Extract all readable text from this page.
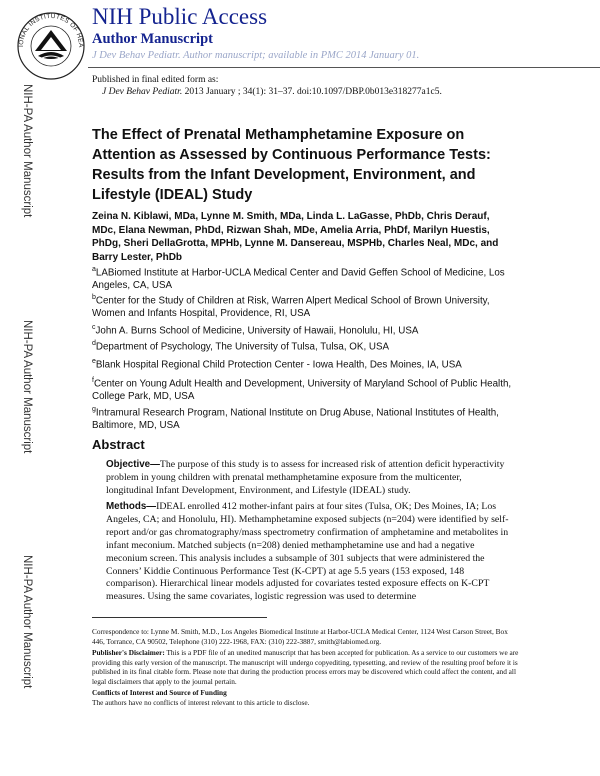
IONAL INSTITUTES OF HEA
NIH Public Access
Author Manuscript
J Dev Behav Pediatr. Author manuscript; available in PMC 2014 January 01.
Published in final edited form as:
J Dev Behav Pediatr. 2013 January ; 34(1): 31–37. doi:10.1097/DBP.0b013e318277a1c5.
NIH-PA Author Manuscript
NIH-PA Author Manuscript
NIH-PA Author Manuscript
The Effect of Prenatal Methamphetamine Exposure on Attention as Assessed by Continuous Performance Tests: Results from the Infant Development, Environment, and Lifestyle (IDEAL) Study
Zeina N. Kiblawi, MDa, Lynne M. Smith, MDa, Linda L. LaGasse, PhDb, Chris Derauf, MDc, Elana Newman, PhDd, Rizwan Shah, MDe, Amelia Arria, PhDf, Marilyn Huestis, PhDg, Sheri DellaGrotta, MPHb, Lynne M. Dansereau, MSPHb, Charles Neal, MDc, and Barry Lester, PhDb
$^a$LABiomed Institute at Harbor-UCLA Medical Center and David Geffen School of Medicine, Los Angeles, CA, USA
$^b$Center for the Study of Children at Risk, Warren Alpert Medical School of Brown University, Women and Infants Hospital, Providence, RI, USA
$^c$John A. Burns School of Medicine, University of Hawaii, Honolulu, HI, USA
$^d$Department of Psychology, The University of Tulsa, Tulsa, OK, USA
$^e$Blank Hospital Regional Child Protection Center - Iowa Health, Des Moines, IA, USA
$^f$Center on Young Adult Health and Development, University of Maryland School of Public Health, College Park, MD, USA
$^g$Intramural Research Program, National Institute on Drug Abuse, National Institutes of Health, Baltimore, MD, USA
Abstract
Objective—The purpose of this study is to assess for increased risk of attention deficit hyperactivity problem in young children with prenatal methamphetamine exposure from the multicenter, longitudinal Infant Development, Environment, and Lifestyle (IDEAL) study.
Methods—IDEAL enrolled 412 mother-infant pairs at four sites (Tulsa, OK; Des Moines, IA; Los Angeles, CA; and Honolulu, HI). Methamphetamine exposed subjects (n=204) were identified by self-report and/or gas chromatography/mass spectrometry confirmation of amphetamine and metabolites in infant meconium. Matched subjects (n=208) denied methamphetamine use and had a negative meconium screen. This analysis includes a subsample of 301 subjects that were administered the Conners’ Kiddie Continuous Performance Test (K-CPT) at age 5.5 years (153 exposed, 148 comparison). Hierarchical linear models adjusted for covariates tested exposure effects on K-CPT measures. Using the same covariates, logistic regression was used to determine
Correspondence to: Lynne M. Smith, M.D., Los Angeles Biomedical Institute at Harbor-UCLA Medical Center, 1124 West Carson Street, Box 446, Torrance, CA 90502, Telephone (310) 222-1968, FAX: (310) 222-3887, smith@labiomed.org.
Publisher's Disclaimer: This is a PDF file of an unedited manuscript that has been accepted for publication. As a service to our customers we are providing this early version of the manuscript. The manuscript will undergo copyediting, typesetting, and review of the resulting proof before it is published in its final citable form. Please note that during the production process errors may be discovered which could affect the content, and all legal disclaimers that apply to the journal pertain.
Conflicts of Interest and Source of Funding
The authors have no conflicts of interest relevant to this article to disclose.
